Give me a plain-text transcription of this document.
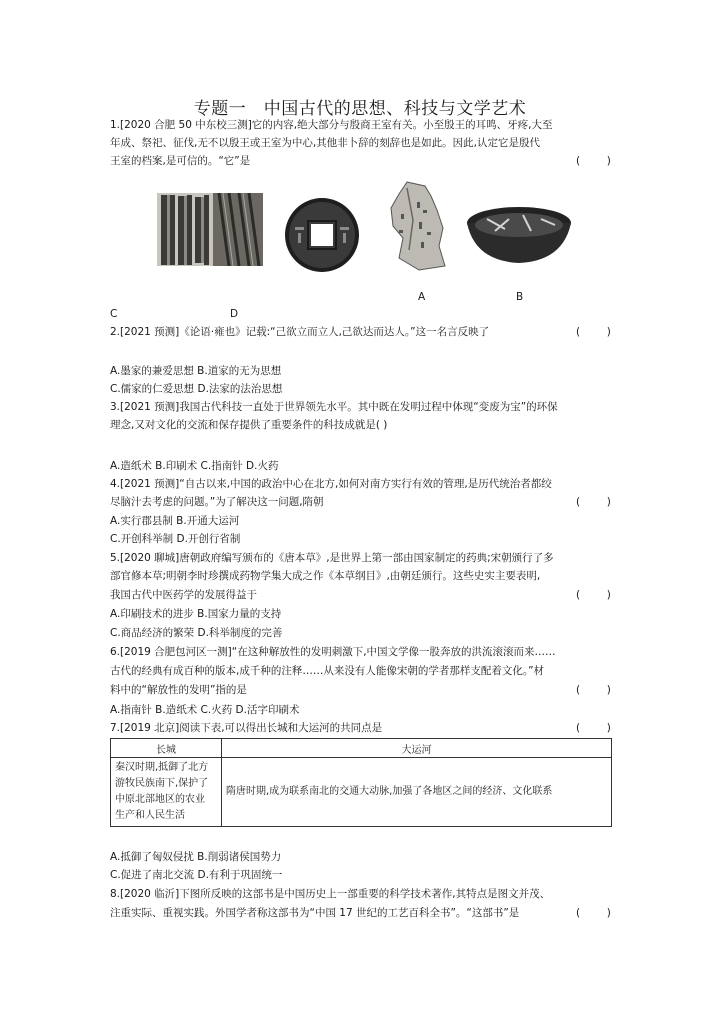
专题一　中国古代的思想、科技与文学艺术
1.[2020 合肥 50 中东校三测]它的内容,绝大部分与殷商王室有关。小至殷王的耳鸣、牙疼,大至
年成、祭祀、征伐,无不以殷王或王室为中心,其他非卜辞的刻辞也是如此。因此,认定它是殷代
王室的档案,是可信的。“它”是	(        )
A	B
C	D
2.[2021 预测]《论语·雍也》记载:“己欲立而立人,己欲达而达人。”这一名言反映了	(        )
A.墨家的兼爱思想 B.道家的无为思想
C.儒家的仁爱思想 D.法家的法治思想
3.[2021 预测]我国古代科技一直处于世界领先水平。其中既在发明过程中体现“变废为宝”的环保
理念,又对文化的交流和保存提供了重要条件的科技成就是( )
A.造纸术 B.印刷术 C.指南针 D.火药
4.[2021 预测]“自古以来,中国的政治中心在北方,如何对南方实行有效的管理,是历代统治者都绞
尽脑汁去考虑的问题。”为了解决这一问题,隋朝	(        )
A.实行郡县制 B.开通大运河
C.开创科举制 D.开创行省制
5.[2020 聊城]唐朝政府编写颁布的《唐本草》,是世界上第一部由国家制定的药典;宋朝颁行了多
部官修本草;明朝李时珍撰成药物学集大成之作《本草纲目》,由朝廷颁行。这些史实主要表明,
我国古代中医药学的发展得益于	(        )
A.印刷技术的进步 B.国家力量的支持
C.商品经济的繁荣 D.科举制度的完善
6.[2019 合肥包河区一测]“在这种解放性的发明刺激下,中国文学像一股奔放的洪流滚滚而来……
古代的经典有成百种的版本,成千种的注释……从来没有人能像宋朝的学者那样支配着文化。”材
料中的“解放性的发明”指的是	(        )
A.指南针 B.造纸术 C.火药 D.活字印刷术
7.[2019 北京]阅读下表,可以得出长城和大运河的共同点是	(        )
长城	大运河

秦汉时期,抵御了北方
游牧民族南下,保护了
中原北部地区的农业
生产和人民生活	隋唐时期,成为联系南北的交通大动脉,加强了各地区之间的经济、文化联系
A.抵御了匈奴侵扰 B.削弱诸侯国势力
C.促进了南北交流 D.有利于巩固统一
8.[2020 临沂]下图所反映的这部书是中国历史上一部重要的科学技术著作,其特点是图文并茂、
注重实际、重视实践。外国学者称这部书为“中国 17 世纪的工艺百科全书”。“这部书”是	(        )
